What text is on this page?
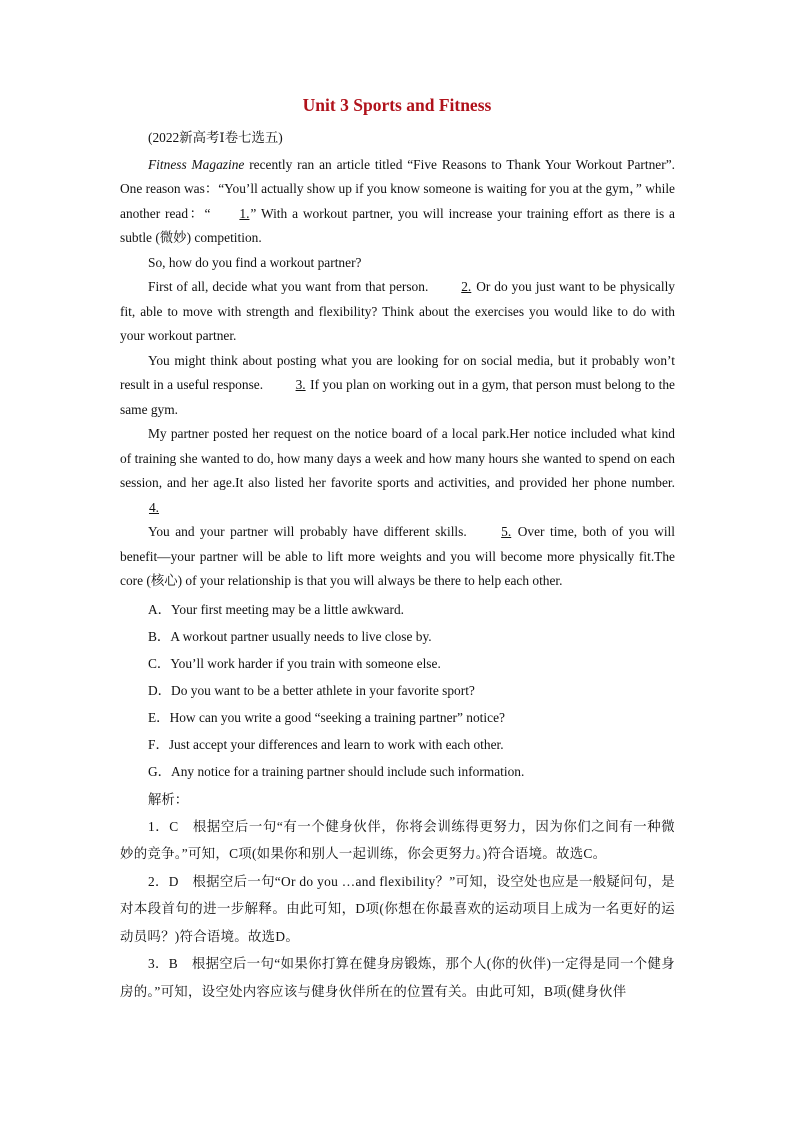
Unit 3 Sports and Fitness

(2022新高考Ⅰ卷七选五)

Fitness Magazine recently ran an article titled “Five Reasons to Thank Your Workout Partner”. One reason was：“You’ll actually show up if you know someone is waiting for you at the gym，” while another read：“ 1.” With a workout partner, you will increase your training effort as there is a subtle (微妙) competition.

So, how do you find a workout partner?

First of all, decide what you want from that person. 2. Or do you just want to be physically fit, able to move with strength and flexibility? Think about the exercises you would like to do with your workout partner.

You might think about posting what you are looking for on social media, but it probably won’t result in a useful response. 3. If you plan on working out in a gym, that person must belong to the same gym.

My partner posted her request on the notice board of a local park.Her notice included what kind of training she wanted to do, how many days a week and how many hours she wanted to spend on each session, and her age.It also listed her favorite sports and activities, and provided her phone number.4.

You and your partner will probably have different skills. 5. Over time, both of you will benefit—your partner will be able to lift more weights and you will become more physically fit.The core (核心) of your relationship is that you will always be there to help each other.

A．Your first meeting may be a little awkward.

B．A workout partner usually needs to live close by.

C．You’ll work harder if you train with someone else.

D．Do you want to be a better athlete in your favorite sport?

E．How can you write a good “seeking a training partner” notice?

F．Just accept your differences and learn to work with each other.

G．Any notice for a training partner should include such information.

解析：

1．C　根据空后一句“有一个健身伙伴，你将会训练得更努力，因为你们之间有一种微妙的竞争。”可知，C项(如果你和别人一起训练，你会更努力。)符合语境。故选C。

2．D　根据空后一句“Or do you …and flexibility？”可知，设空处也应是一般疑问句，是对本段首句的进一步解释。由此可知，D项(你想在你最喜欢的运动项目上成为一名更好的运动员吗？)符合语境。故选D。

3．B　根据空后一句“如果你打算在健身房锻炼，那个人(你的伙伴)一定得是同一个健身房的。”可知，设空处内容应该与健身伙伴所在的位置有关。由此可知，B项(健身伙伴
